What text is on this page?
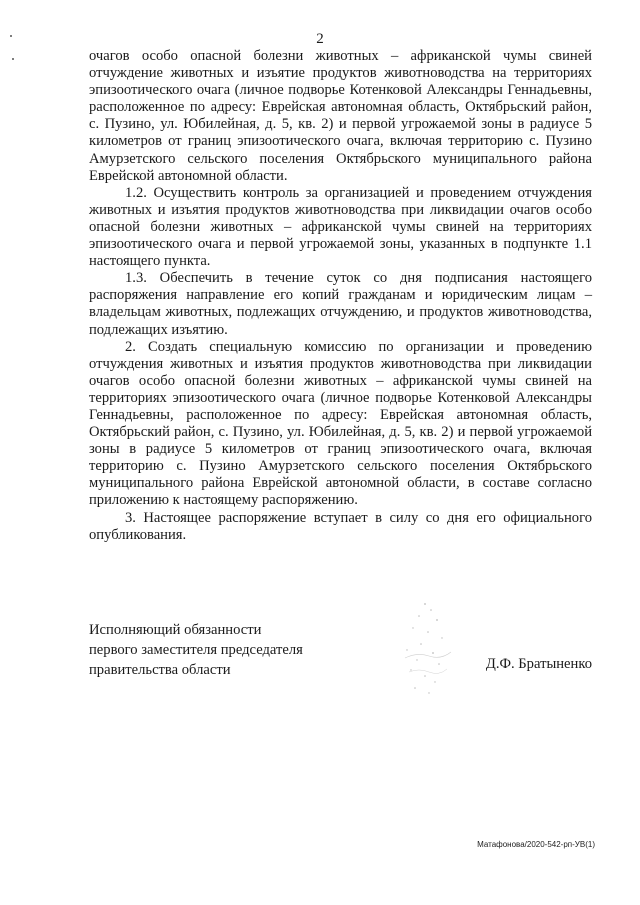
2

очагов особо опасной болезни животных – африканской чумы свиней отчуждение животных и изъятие продуктов животноводства на территориях эпизоотического очага (личное подворье Котенковой Александры Геннадьевны, расположенное по адресу: Еврейская автономная область, Октябрьский район, с. Пузино, ул. Юбилейная, д. 5, кв. 2) и первой угрожаемой зоны в радиусе 5 километров от границ эпизоотического очага, включая территорию с. Пузино Амурзетского сельского поселения Октябрьского муниципального района Еврейской автономной области.

1.2. Осуществить контроль за организацией и проведением отчуждения животных и изъятия продуктов животноводства при ликвидации очагов особо опасной болезни животных – африканской чумы свиней на территориях эпизоотического очага и первой угрожаемой зоны, указанных в подпункте 1.1 настоящего пункта.

1.3. Обеспечить в течение суток со дня подписания настоящего распоряжения направление его копий гражданам и юридическим лицам – владельцам животных, подлежащих отчуждению, и продуктов животноводства, подлежащих изъятию.

2. Создать специальную комиссию по организации и проведению отчуждения животных и изъятия продуктов животноводства при ликвидации очагов особо опасной болезни животных – африканской чумы свиней на территориях эпизоотического очага (личное подворье Котенковой Александры Геннадьевны, расположенное по адресу: Еврейская автономная область, Октябрьский район, с. Пузино, ул. Юбилейная, д. 5, кв. 2) и первой угрожаемой зоны в радиусе 5 километров от границ эпизоотического очага, включая территорию с. Пузино Амурзетского сельского поселения Октябрьского муниципального района Еврейской автономной области, в составе согласно приложению к настоящему распоряжению.

3. Настоящее распоряжение вступает в силу со дня его официального опубликования.

Исполняющий обязанности
первого заместителя председателя
правительства области	Д.Ф. Братыненко
Матафонова/2020-542-рп-УВ(1)
